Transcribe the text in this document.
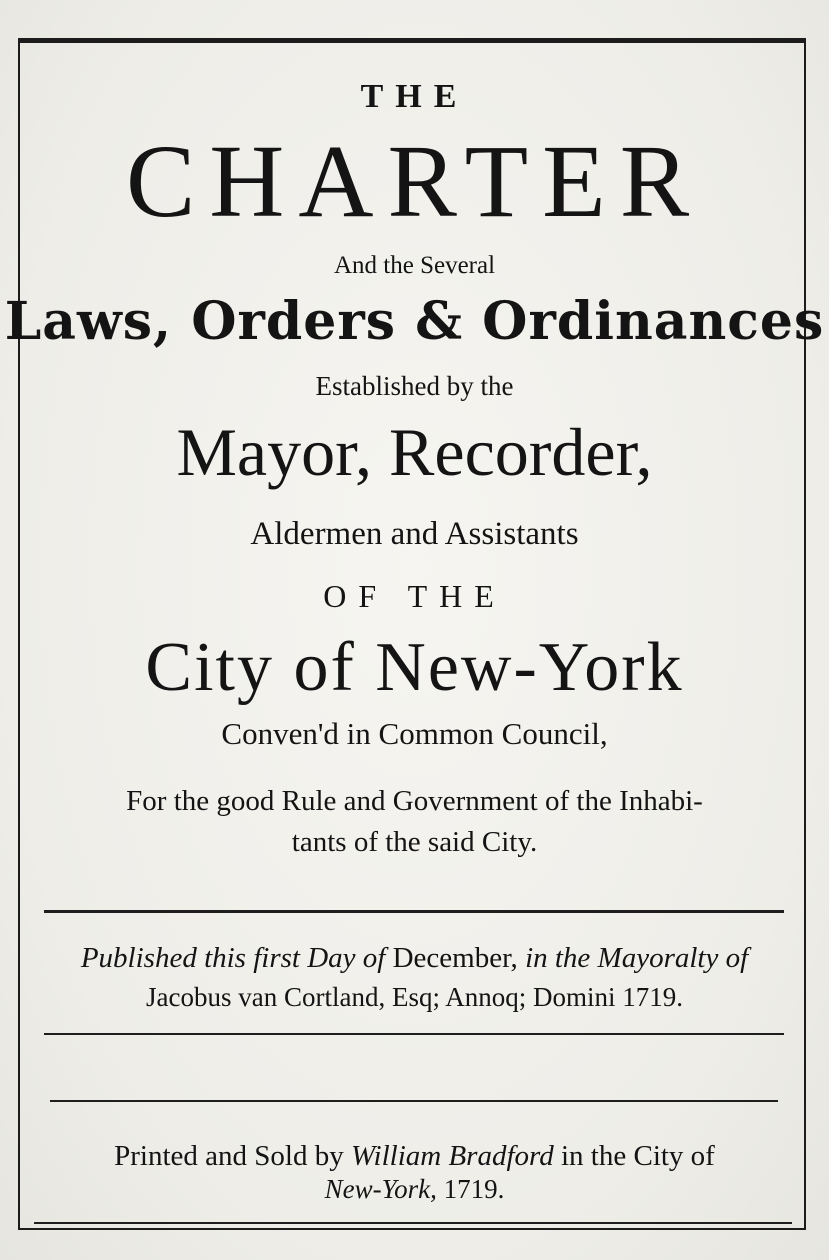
THE
CHARTER
And the Several
Laws, Orders & Ordinances
Established by the
Mayor, Recorder,
Aldermen and Assistants
OF THE
City of New-York
Conven'd in Common Council,
For the good Rule and Government of the Inhabi-
tants of the said City.
Published this first Day of December, in the Mayoralty of
Jacobus van Cortland, Esq; Annoq; Domini 1719.
Printed and Sold by William Bradford in the City of
New-York, 1719.
